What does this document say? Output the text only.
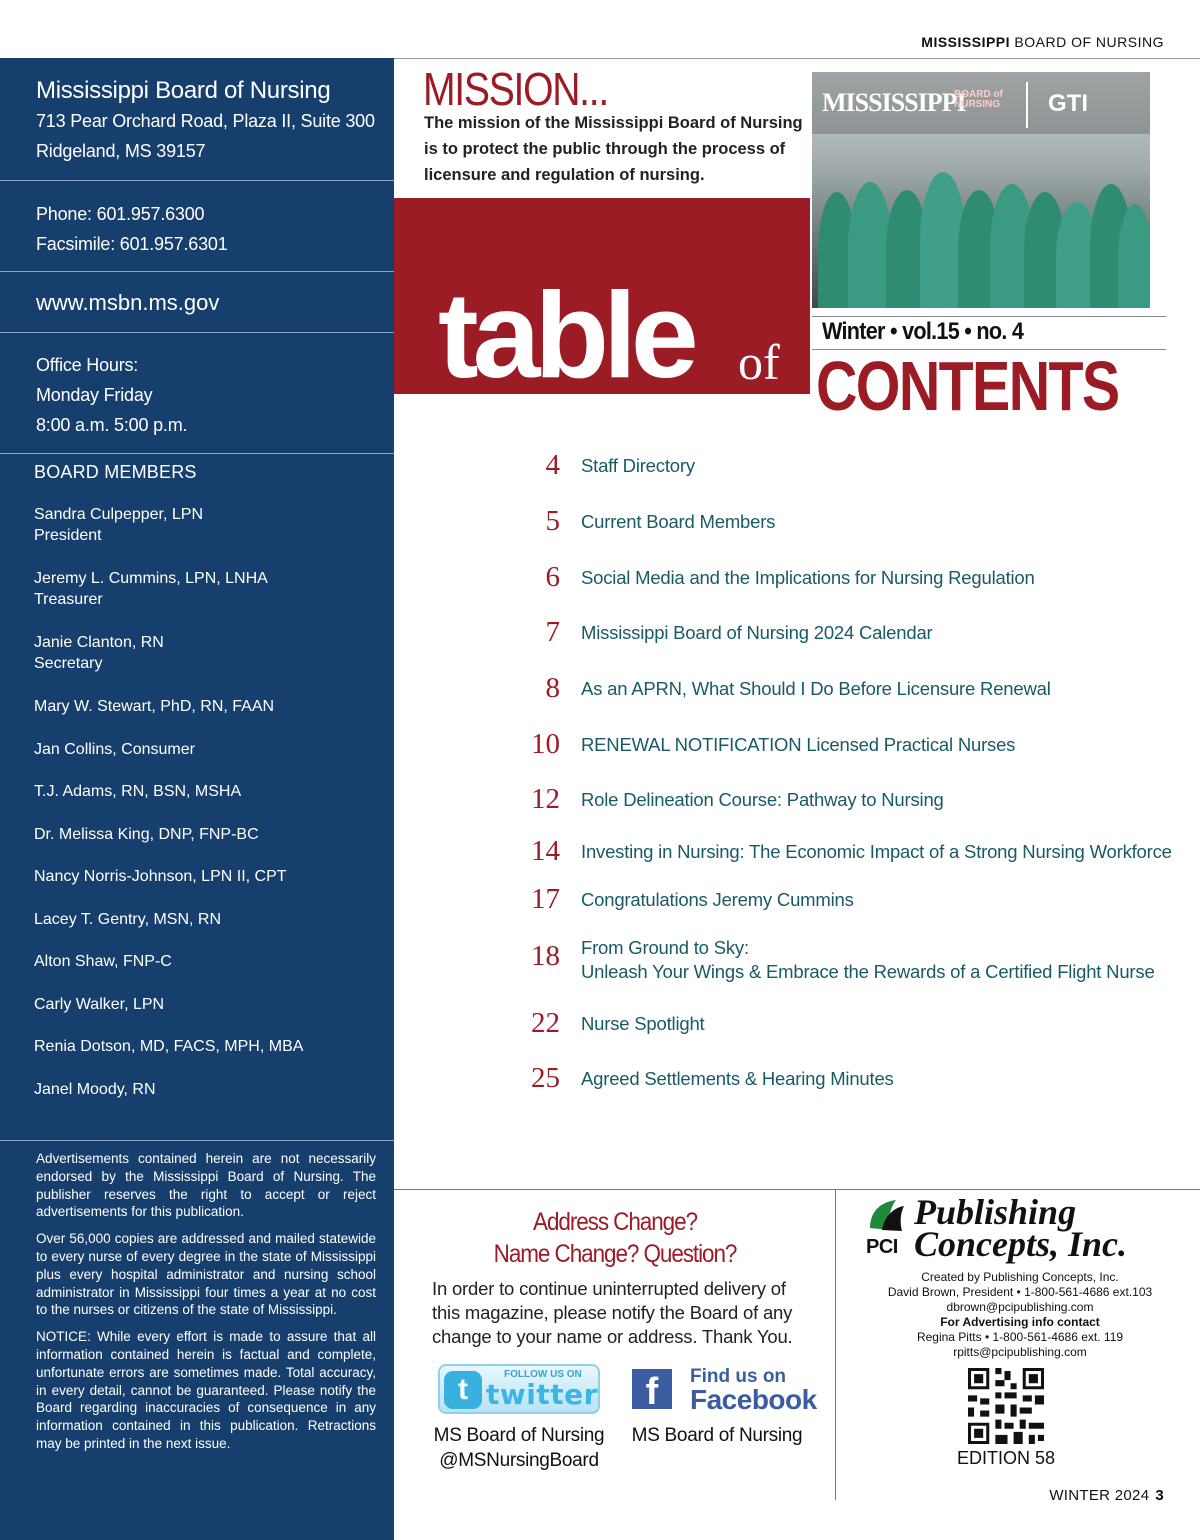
MISSISSIPPI BOARD OF NURSING
Mississippi Board of Nursing
713 Pear Orchard Road, Plaza II, Suite 300
Ridgeland, MS 39157
Phone: 601.957.6300
Facsimile: 601.957.6301
www.msbn.ms.gov
Office Hours:
Monday Friday
8:00 a.m. 5:00 p.m.
BOARD MEMBERS
Sandra Culpepper, LPN
President
Jeremy L. Cummins, LPN, LNHA
Treasurer
Janie Clanton, RN
Secretary
Mary W. Stewart, PhD, RN, FAAN
Jan Collins, Consumer
T.J. Adams, RN, BSN, MSHA
Dr. Melissa King, DNP, FNP-BC
Nancy Norris-Johnson, LPN II, CPT
Lacey T. Gentry, MSN, RN
Alton Shaw, FNP-C
Carly Walker, LPN
Renia Dotson, MD, FACS, MPH, MBA
Janel Moody, RN

Advertisements contained herein are not necessarily endorsed by the Mississippi Board of Nursing. The publisher reserves the right to accept or reject advertisements for this publication.

Over 56,000 copies are addressed and mailed statewide to every nurse of every degree in the state of Mississippi plus every hospital administrator and nursing school administrator in Mississippi four times a year at no cost to the nurses or citizens of the state of Mississippi.

NOTICE: While every effort is made to assure that all information contained herein is factual and complete, unfortunate errors are sometimes made. Total accuracy, in every detail, cannot be guaranteed. Please notify the Board regarding inaccuracies of consequence in any information contained in this publication. Retractions may be printed in the next issue.

MISSION...
The mission of the Mississippi Board of Nursing is to protect the public through the process of licensure and regulation of nursing.
table of
MISSISSIPPI
BOARD of NURSING	GTI
Winter • vol.15 • no. 4
CONTENTS
4 Staff Directory
5 Current Board Members
6 Social Media and the Implications for Nursing Regulation
7 Mississippi Board of Nursing 2024 Calendar
8 As an APRN, What Should I Do Before Licensure Renewal
10 RENEWAL NOTIFICATION Licensed Practical Nurses
12 Role Delineation Course: Pathway to Nursing
14 Investing in Nursing: The Economic Impact of a Strong Nursing Workforce
17 Congratulations Jeremy Cummins
18 From Ground to Sky:
Unleash Your Wings & Embrace the Rewards of a Certified Flight Nurse
22 Nurse Spotlight
25 Agreed Settlements & Hearing Minutes
Address Change?
Name Change? Question?
In order to continue uninterrupted delivery of this magazine, please notify the Board of any change to your name or address. Thank You.
t	FOLLOW US ON
twitter
MS Board of Nursing
@MSNursingBoard
f	Find us on
Facebook
MS Board of Nursing
PCI
Publishing
Concepts, Inc.
Created by Publishing Concepts, Inc.
David Brown, President • 1-800-561-4686 ext.103
dbrown@pcipublishing.com
For Advertising info contact
Regina Pitts • 1-800-561-4686 ext. 119
rpitts@pcipublishing.com
EDITION 58
WINTER 2024 3
